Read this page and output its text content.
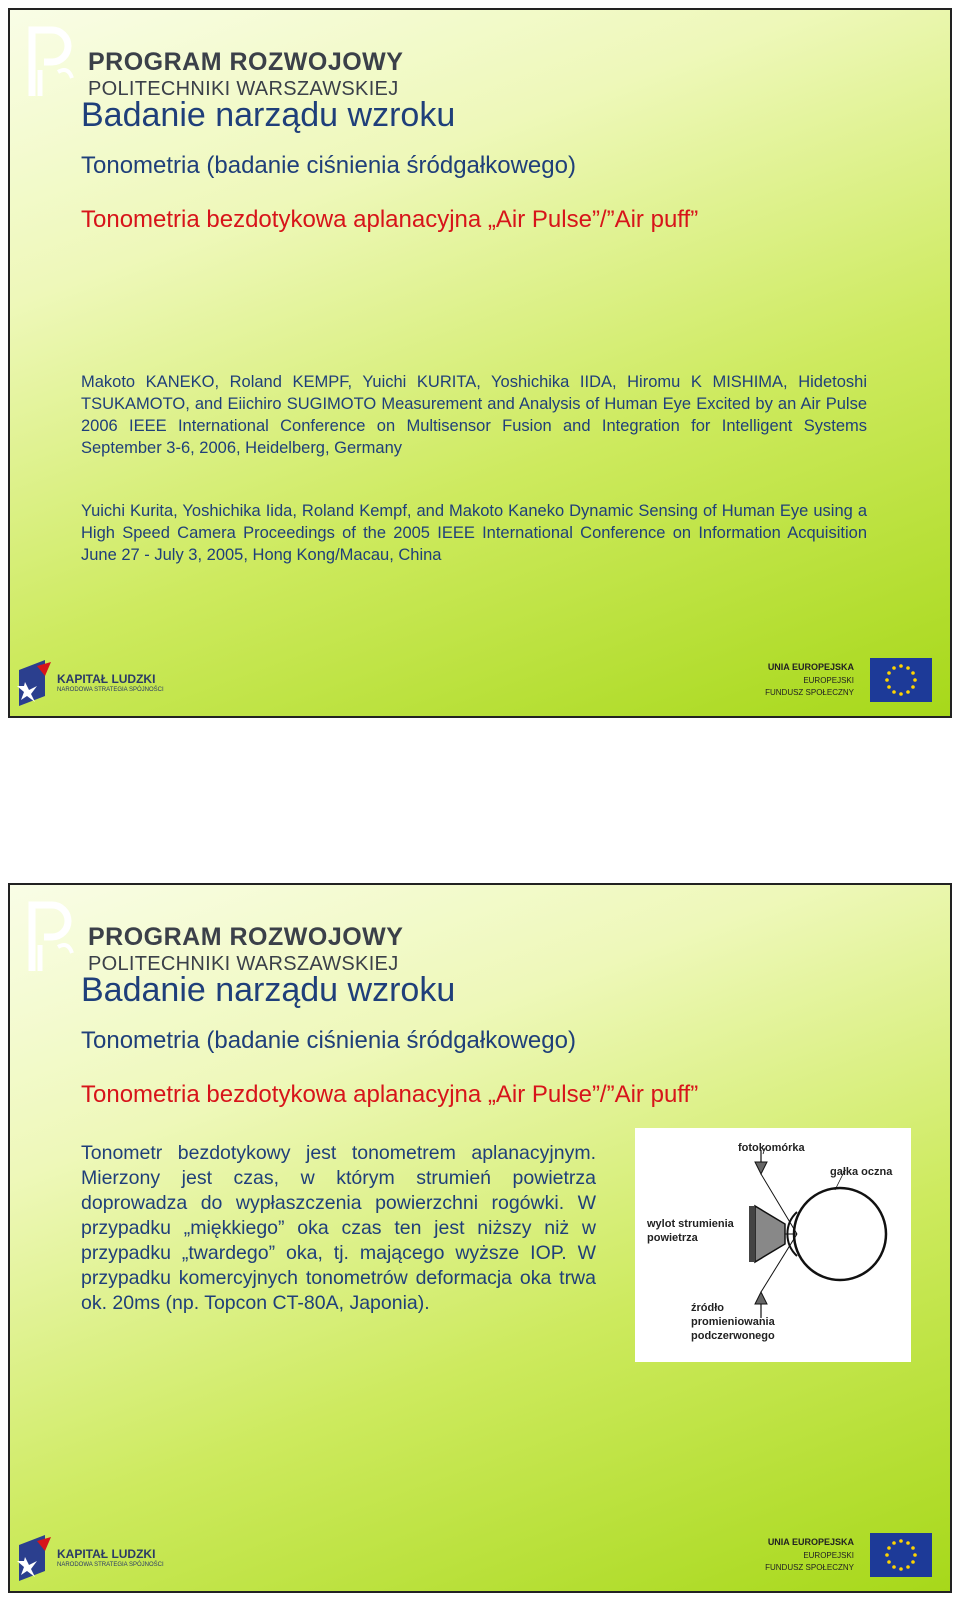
PROGRAM ROZWOJOWY
POLITECHNIKI WARSZAWSKIEJ
Badanie narządu wzroku
Tonometria (badanie ciśnienia śródgałkowego)
Tonometria bezdotykowa aplanacyjna „Air Pulse”/”Air puff”
Makoto KANEKO, Roland KEMPF, Yuichi KURITA, Yoshichika IIDA, Hiromu K MISHIMA, Hidetoshi TSUKAMOTO, and Eiichiro SUGIMOTO Measurement and Analysis of Human Eye Excited by an Air Pulse 2006 IEEE International Conference on Multisensor Fusion and Integration for Intelligent Systems September 3-6, 2006, Heidelberg, Germany
Yuichi Kurita, Yoshichika Iida, Roland Kempf, and Makoto Kaneko Dynamic Sensing of Human Eye using a High Speed Camera Proceedings of the 2005 IEEE International Conference on Information Acquisition June 27 - July 3, 2005, Hong Kong/Macau, China
KAPITAŁ LUDZKI
NARODOWA STRATEGIA SPÓJNOŚCI
UNIA EUROPEJSKA
EUROPEJSKI
FUNDUSZ SPOŁECZNY
PROGRAM ROZWOJOWY
POLITECHNIKI WARSZAWSKIEJ
Badanie narządu wzroku
Tonometria (badanie ciśnienia śródgałkowego)
Tonometria bezdotykowa aplanacyjna „Air Pulse”/”Air puff”
Tonometr bezdotykowy jest tonometrem aplanacyjnym. Mierzony jest czas, w którym strumień powietrza doprowadza do wypłaszczenia powierzchni rogówki. W przypadku „miękkiego” oka czas ten jest niższy niż w przypadku „twardego” oka, tj. mającego wyższe IOP. W przypadku komercyjnych tonometrów deformacja oka trwa ok. 20ms (np. Topcon CT-80A, Japonia).
fotokomórka
gałka oczna
wylot strumienia
powietrza
źródło
promieniowania
podczerwonego
KAPITAŁ LUDZKI
NARODOWA STRATEGIA SPÓJNOŚCI
UNIA EUROPEJSKA
EUROPEJSKI
FUNDUSZ SPOŁECZNY
